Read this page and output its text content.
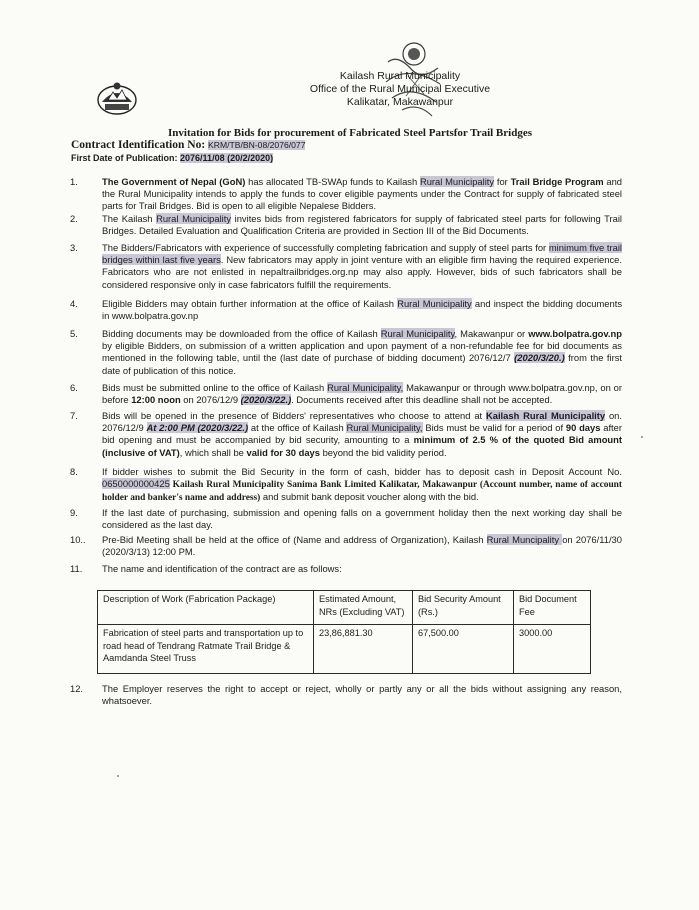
Kailash Rural Municipality
Office of the Rural Municipal Executive
Kalikatar, Makawanpur
Invitation for Bids for procurement of Fabricated Steel Partsfor Trail Bridges
Contract Identification No: KRM/TB/BN-08/2076/077
First Date of Publication: 2076/11/08 (20/2/2020)
1.	The Government of Nepal (GoN) has allocated TB-SWAp funds to Kailash Rural Municipality for Trail Bridge Program and the Rural Municipality intends to apply the funds to cover eligible payments under the Contract for supply of fabricated steel parts for Trail Bridges. Bid is open to all eligible Nepalese Bidders.
2.	The Kailash Rural Municipality invites bids from registered fabricators for supply of fabricated steel parts for following Trail Bridges. Detailed Evaluation and Qualification Criteria are provided in Section III of the Bid Documents.
3.	The Bidders/Fabricators with experience of successfully completing fabrication and supply of steel parts for minimum five trail bridges within last five years. New fabricators may apply in joint venture with an eligible firm having the required experience. Fabricators who are not enlisted in nepaltrailbridges.org.np may also apply. However, bids of such fabricators shall be considered responsive only in case fabricators fulfill the requirements.
4.	Eligible Bidders may obtain further information at the office of Kailash Rural Municipality and inspect the bidding documents in www.bolpatra.gov.np
5.	Bidding documents may be downloaded from the office of Kailash Rural Municipality, Makawanpur or www.bolpatra.gov.np by eligible Bidders, on submission of a written application and upon payment of a non-refundable fee for bid documents as mentioned in the following table, until the (last date of purchase of bidding document) 2076/12/7 (2020/3/20.) from the first date of publication of this notice.
6.	Bids must be submitted online to the office of Kailash Rural Municipality, Makawanpur or through www.bolpatra.gov.np, on or before 12:00 noon on 2076/12/9 (2020/3/22.). Documents received after this deadline shall not be accepted.
7.	Bids will be opened in the presence of Bidders' representatives who choose to attend at Kailash Rural Municipality on. 2076/12/9 At 2:00 PM (2020/3/22.) at the office of Kailash Rural Municipality, Bids must be valid for a period of 90 days after bid opening and must be accompanied by bid security, amounting to a minimum of 2.5 % of the quoted Bid amount (inclusive of VAT), which shall be valid for 30 days beyond the bid validity period.
8.	If bidder wishes to submit the Bid Security in the form of cash, bidder has to deposit cash in Deposit Account No. 0650000000425 Kailash Rural Municipality Sanima Bank Limited Kalikatar, Makawanpur (Account number, name of account holder and banker's name and address) and submit bank deposit voucher along with the bid.
9.	If the last date of purchasing, submission and opening falls on a government holiday then the next working day shall be considered as the last day.
10..	Pre-Bid Meeting shall be held at the office of (Name and address of Organization), Kailash Rural Muncipality on 2076/11/30 (2020/3/13) 12:00 PM.
11.	The name and identification of the contract are as follows:
12.	The Employer reserves the right to accept or reject, wholly or partly any or all the bids without assigning any reason, whatsoever.
Description of Work (Fabrication Package)	Estimated Amount, NRs (Excluding VAT)	Bid Security Amount (Rs.)	Bid Document Fee
Fabrication of steel parts and transportation up to road head of Tendrang Ratmate Trail Bridge & Aamdanda Steel Truss	23,86,881.30	67,500.00	3000.00
